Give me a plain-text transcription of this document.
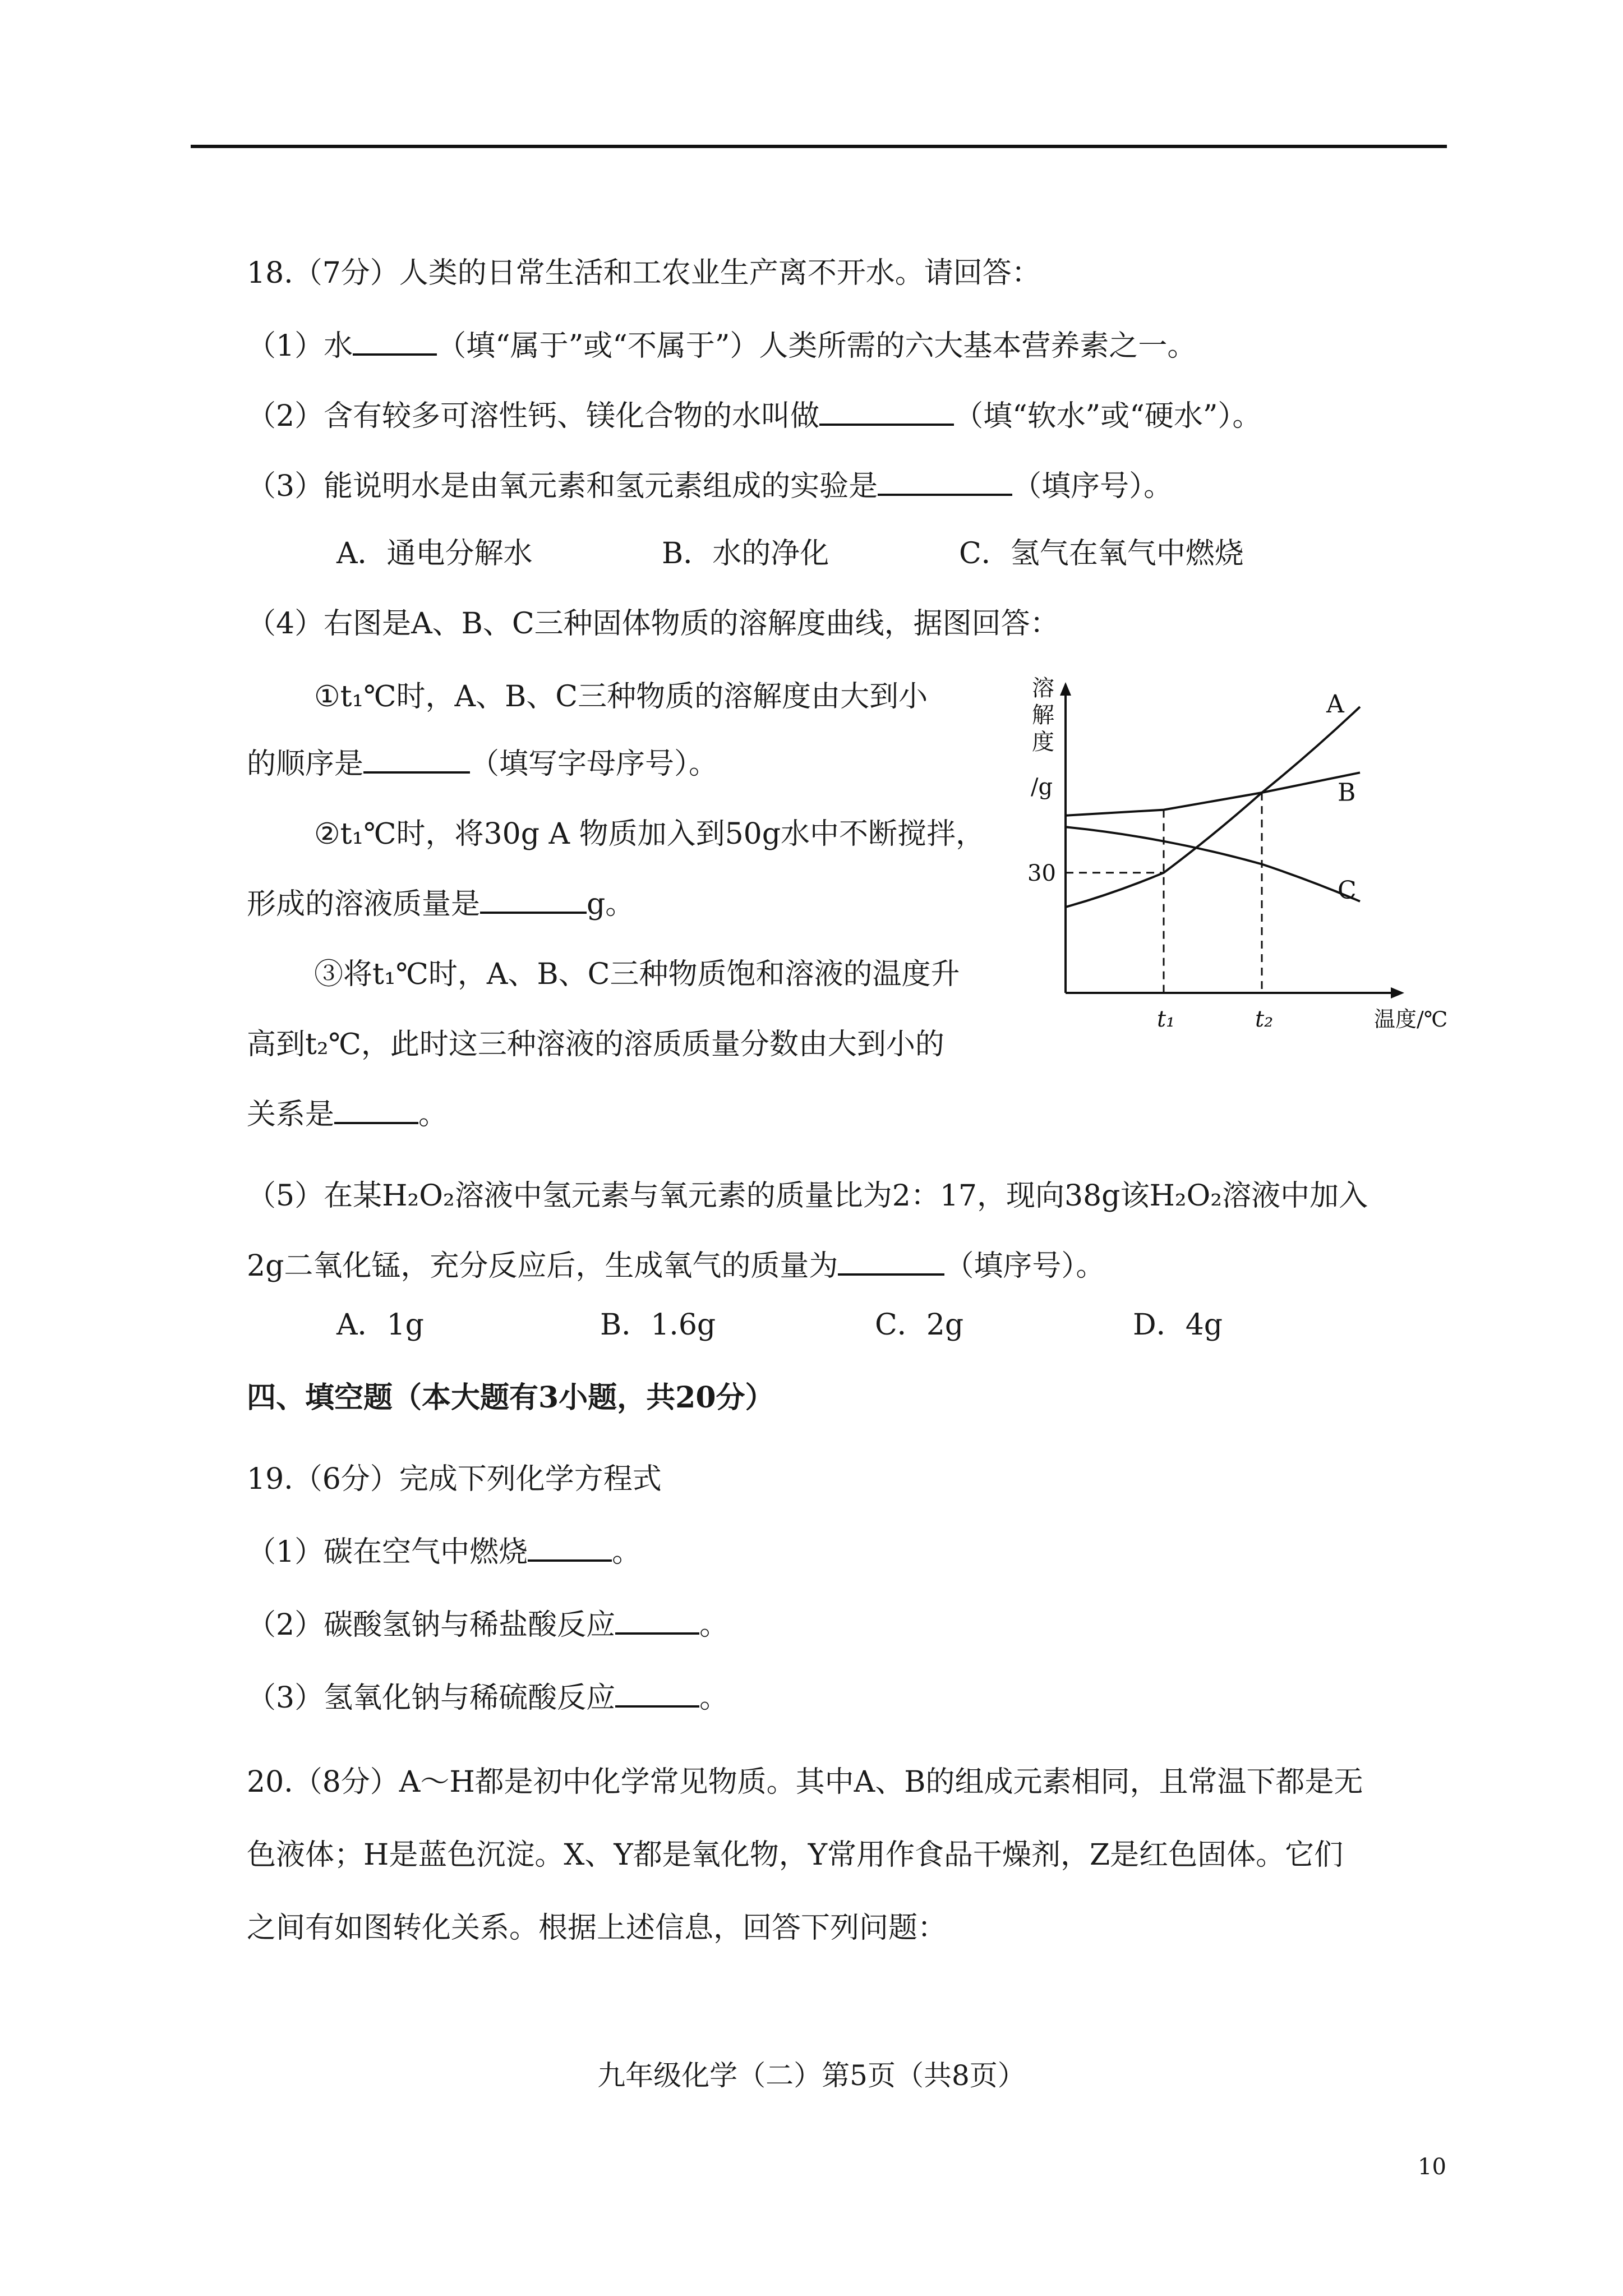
18.（7分）人类的日常生活和工农业生产离不开水。请回答：
（1）水	（填“属于”或“不属于”）人类所需的六大基本营养素之一。
（2）含有较多可溶性钙、镁化合物的水叫做	（填“软水”或“硬水”）。
（3）能说明水是由氧元素和氢元素组成的实验是	（填序号）。
A．通电分解水	B．水的净化	C．氢气在氧气中燃烧
（4）右图是A、B、C三种固体物质的溶解度曲线，据图回答：
①t₁℃时，A、B、C三种物质的溶解度由大到小
的顺序是	（填写字母序号）。
②t₁℃时，将30g A 物质加入到50g水中不断搅拌，
形成的溶液质量是	g。
③将t₁℃时，A、B、C三种物质饱和溶液的温度升
高到t₂℃，此时这三种溶液的溶质质量分数由大到小的
关系是	。
（5）在某H₂O₂溶液中氢元素与氧元素的质量比为2：17，现向38g该H₂O₂溶液中加入
2g二氧化锰，充分反应后，生成氧气的质量为	（填序号）。
A．1g	B．1.6g	C．2g	D．4g
四、填空题（本大题有3小题，共20分）
19.（6分）完成下列化学方程式
（1）碳在空气中燃烧	。
（2）碳酸氢钠与稀盐酸反应	。
（3）氢氧化钠与稀硫酸反应	。
20.（8分）A～H都是初中化学常见物质。其中A、B的组成元素相同，且常温下都是无
色液体；H是蓝色沉淀。X、Y都是氧化物，Y常用作食品干燥剂，Z是红色固体。它们
之间有如图转化关系。根据上述信息，回答下列问题：
九年级化学（二）第5页（共8页）
10
溶解度/g
温度/℃
t₁	t₂
A
B
C
30
